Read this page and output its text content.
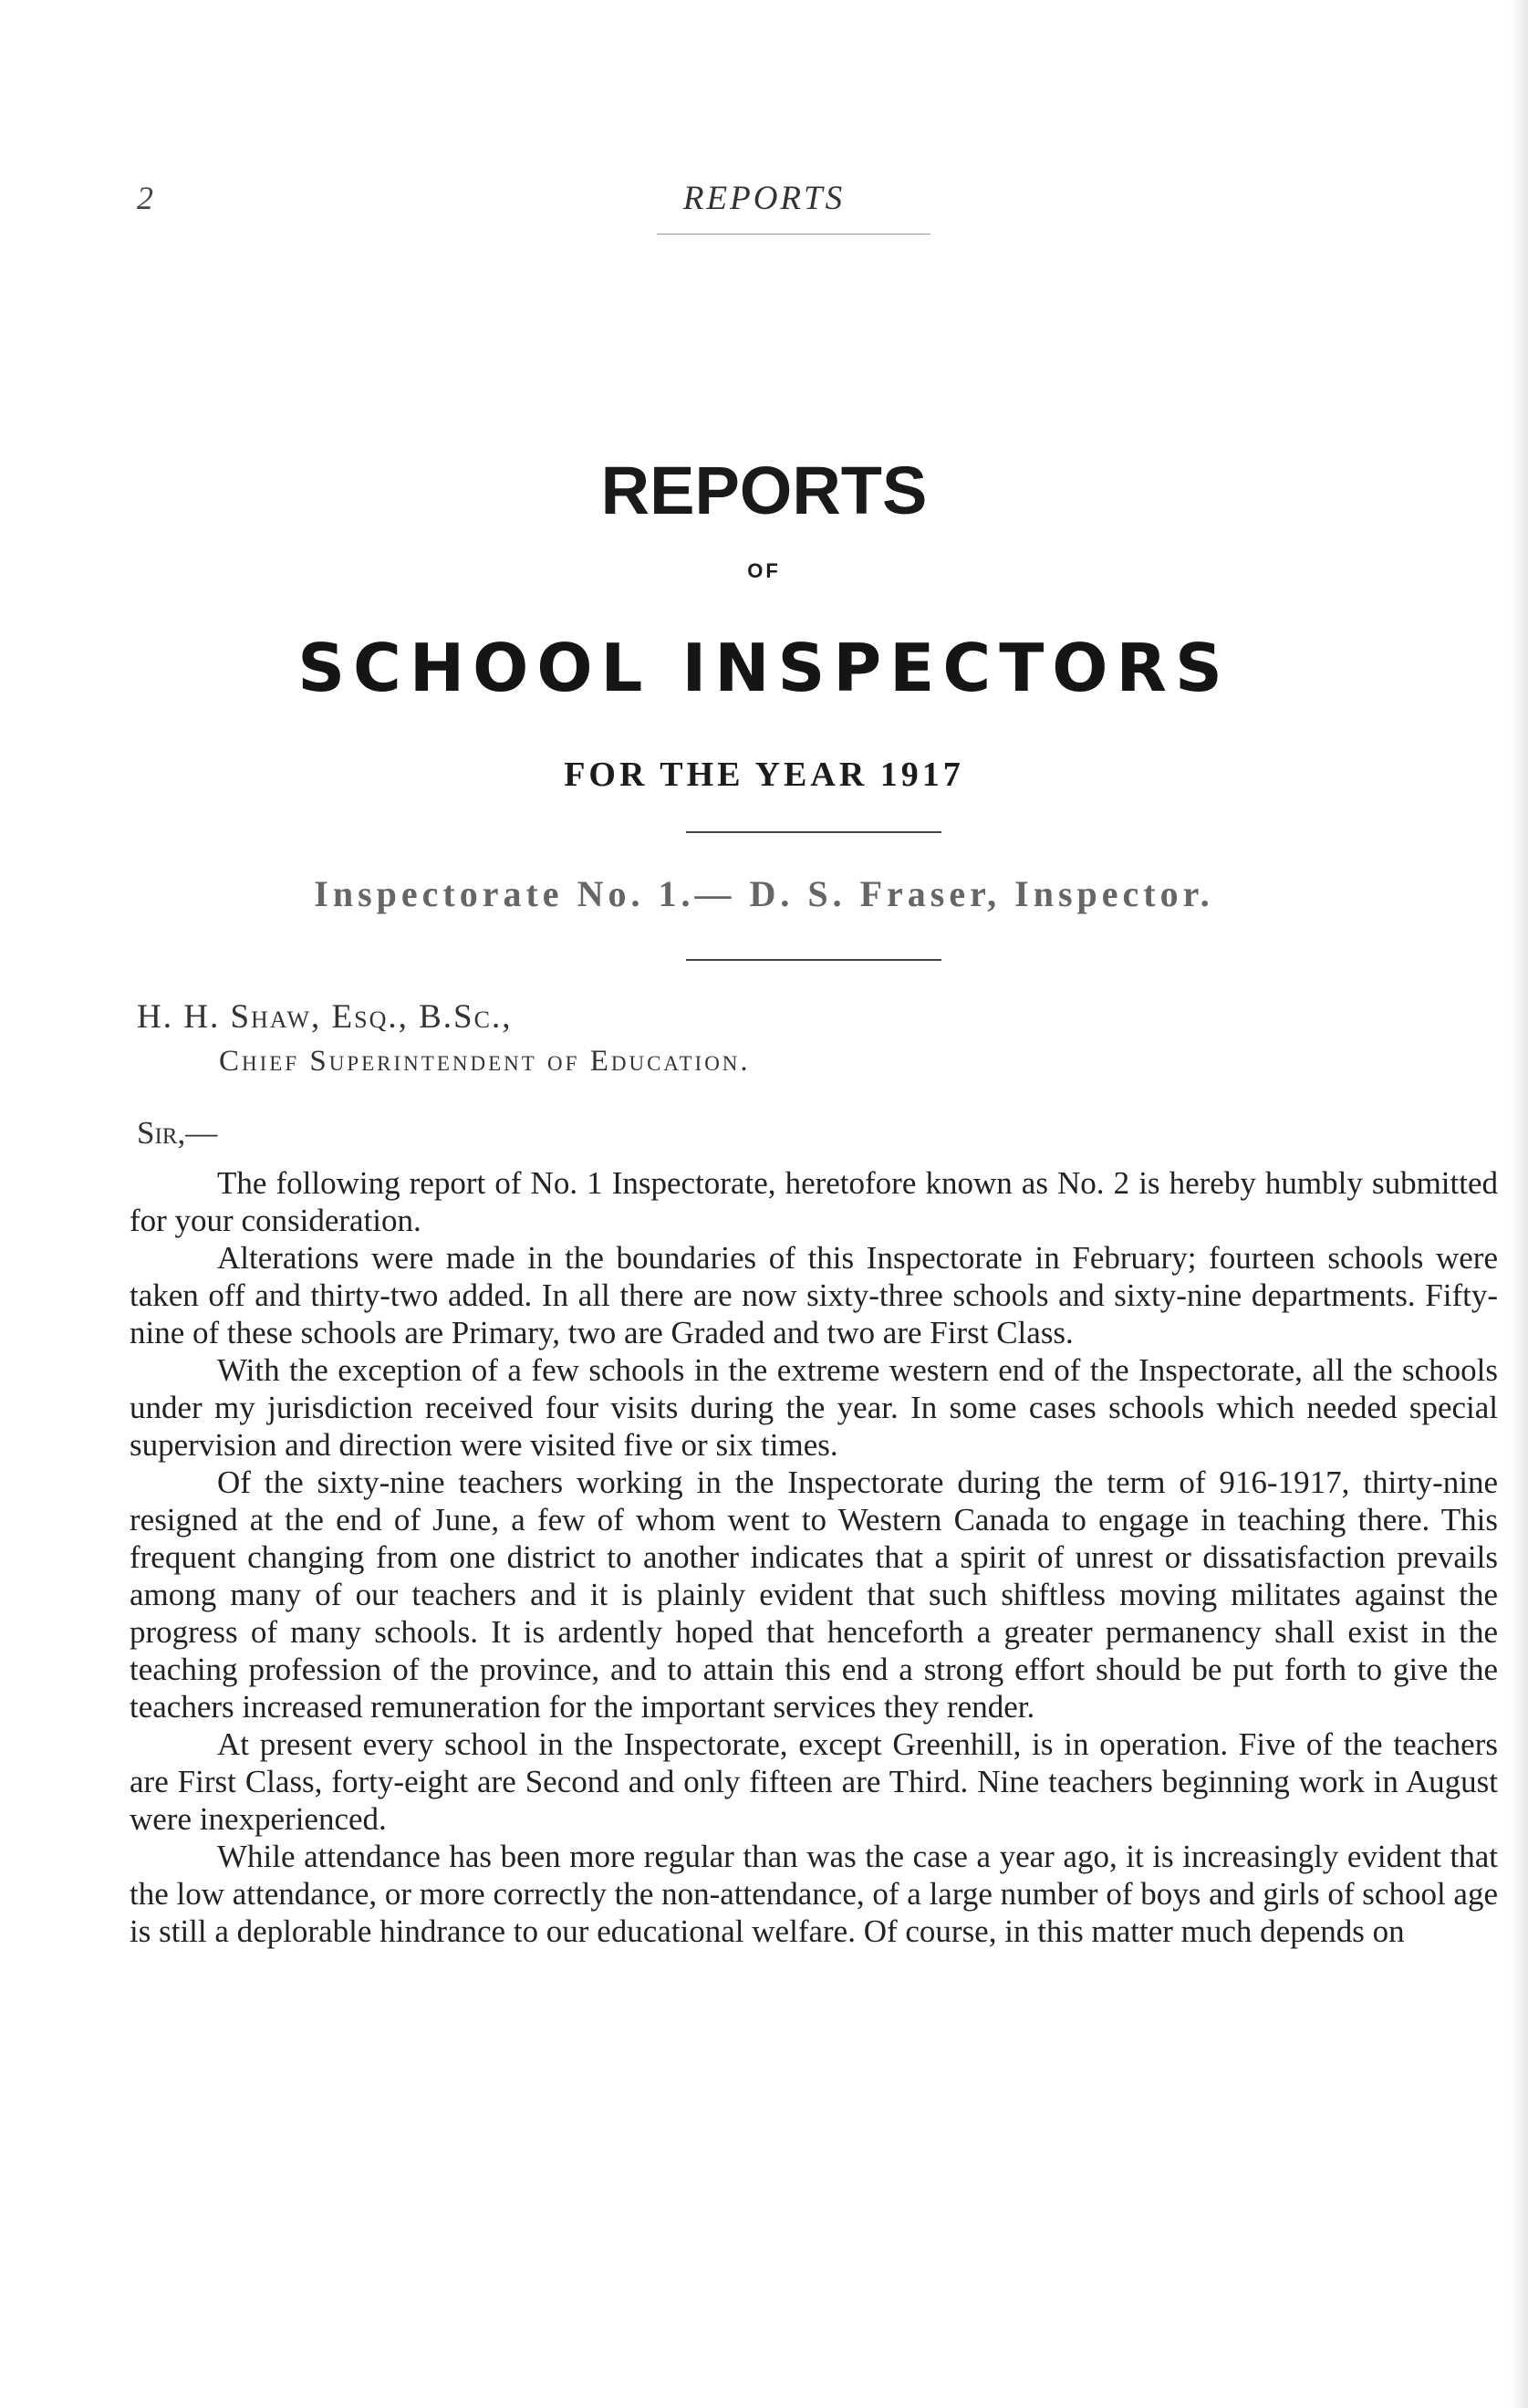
2	REPORTS
REPORTS
OF
SCHOOL INSPECTORS
FOR THE YEAR 1917
Inspectorate No. 1.— D. S. Fraser, Inspector.
H. H. Shaw, Esq., B.Sc.,
Chief Superintendent of Education.
Sir,—

The following report of No. 1 Inspectorate, heretofore known as No. 2 is hereby humbly submitted for your consideration.

Alterations were made in the boundaries of this Inspectorate in February; fourteen schools were taken off and thirty-two added. In all there are now sixty-three schools and sixty-nine departments. Fifty-nine of these schools are Primary, two are Graded and two are First Class.

With the exception of a few schools in the extreme western end of the Inspectorate, all the schools under my jurisdiction received four visits during the year. In some cases schools which needed special supervision and direction were visited five or six times.

Of the sixty-nine teachers working in the Inspectorate during the term of 916-1917, thirty-nine resigned at the end of June, a few of whom went to Western Canada to engage in teaching there. This frequent changing from one district to another indicates that a spirit of unrest or dissatisfaction prevails among many of our teachers and it is plainly evident that such shiftless moving militates against the progress of many schools. It is ardently hoped that henceforth a greater permanency shall exist in the teaching profession of the province, and to attain this end a strong effort should be put forth to give the teachers increased remuneration for the important services they render.

At present every school in the Inspectorate, except Greenhill, is in operation. Five of the teachers are First Class, forty-eight are Second and only fifteen are Third. Nine teachers beginning work in August were inexperienced.

While attendance has been more regular than was the case a year ago, it is increasingly evident that the low attendance, or more correctly the non-attendance, of a large number of boys and girls of school age is still a deplorable hindrance to our educational welfare. Of course, in this matter much depends on
